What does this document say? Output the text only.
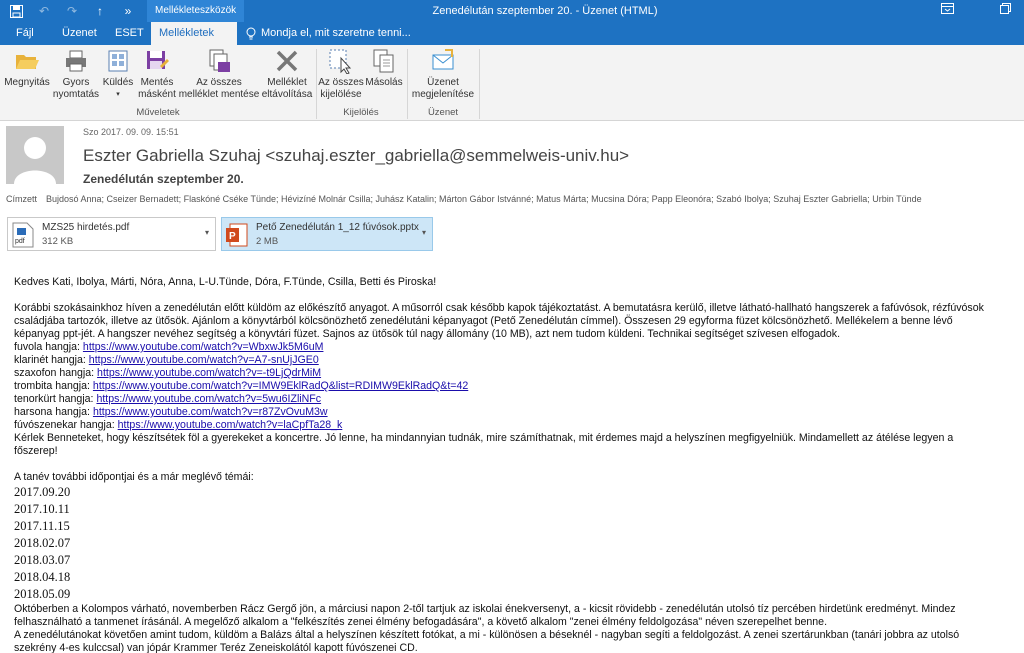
↶ ↷	↑	»	Mellékleteszközök	Zenedélután szeptember 20. - Üzenet (HTML)
Fájl	Üzenet	ESET	Mellékletek	Mondja el, mit szeretne tenni...
Megnyitás	Gyors
nyomtatás
Küldés
▾
Mentés
másként
Az összes
melléklet mentése
Melléklet
eltávolítása
Műveletek
Az összes
kijelölése
Másolás
Kijelölés
Üzenet
megjelenítése
Üzenet
Szo 2017. 09. 09. 15:51
Eszter Gabriella Szuhaj <szuhaj.eszter_gabriella@semmelweis-univ.hu>
Zenedélután szeptember 20.
Címzett Bujdosó Anna; Cseizer Bernadett; Flaskóné Cséke Tünde; Hévizíné Molnár Csilla; Juhász Katalin; Márton Gábor Istvánné; Matus Márta; Mucsina Dóra; Papp Eleonóra; Szabó Ibolya; Szuhaj Eszter Gabriella; Urbin Tünde
pdf
MZS25 hirdetés.pdf
312 KB
▾ P
Pető Zenedélután 1_12 fúvósok.pptx
2 MB
▾

Kedves Kati, Ibolya, Márti, Nóra, Anna, L-U.Tünde, Dóra, F.Tünde, Csilla, Betti és Piroska!

Korábbi szokásainkhoz híven a zenedélután előtt küldöm az előkészítő anyagot. A műsorról csak később kapok tájékoztatást. A bemutatásra kerülő, illetve látható-hallható hangszerek a fafúvósok, rézfúvósok

családjába tartozók, illetve az ütősök. Ajánlom a könyvtárból kölcsönözhető zenedélutáni képanyagot (Pető Zenedélután címmel). Összesen 29 egyforma füzet kölcsönözhető. Mellékelem a benne lévő

képanyag ppt-jét. A hangszer nevéhez segítség a könyvtári füzet. Sajnos az ütősök túl nagy állomány (10 MB), azt nem tudom küldeni. Technikai segítséget szívesen elfogadok.

fuvola hangja: https://www.youtube.com/watch?v=WbxwJk5M6uM

klarinét hangja: https://www.youtube.com/watch?v=A7-snUjJGE0

szaxofon hangja: https://www.youtube.com/watch?v=-t9LjQdrMiM

trombita hangja: https://www.youtube.com/watch?v=IMW9EklRadQ&list=RDIMW9EklRadQ&t=42

tenorkürt hangja: https://www.youtube.com/watch?v=5wu6IZliNFc

harsona hangja: https://www.youtube.com/watch?v=r87ZvOvuM3w

fúvószenekar hangja: https://www.youtube.com/watch?v=laCpfTa28_k

Kérlek Benneteket, hogy készítsétek föl a gyerekeket a koncertre. Jó lenne, ha mindannyian tudnák, mire számíthatnak, mit érdemes majd a helyszínen megfigyelniük. Mindamellett az átélése legyen a

főszerep!

A tanév további időpontjai és a már meglévő témái:

2017.09.20

2017.10.11

2017.11.15

2018.02.07

2018.03.07

2018.04.18

2018.05.09

Októberben a Kolompos várható, novemberben Rácz Gergő jön, a márciusi napon 2-től tartjuk az iskolai énekversenyt, a - kicsit rövidebb - zenedélután utolsó tíz percében hirdetünk eredményt. Mindez

felhasználható a tanmenet írásánál. A megelőző alkalom a "felkészítés zenei élmény befogadására", a követő alkalom "zenei élmény feldolgozása" néven szerepelhet benne.

A zenedélutánokat követően amint tudom, küldöm a Balázs által a helyszínen készített fotókat, a mi - különösen a béseknél - nagyban segíti a feldolgozást. A zenei szertárunkban (tanári jobbra az utolsó

szekrény 4-es kulccsal) van jópár Krammer Teréz Zeneiskolától kapott fúvószenei CD.
